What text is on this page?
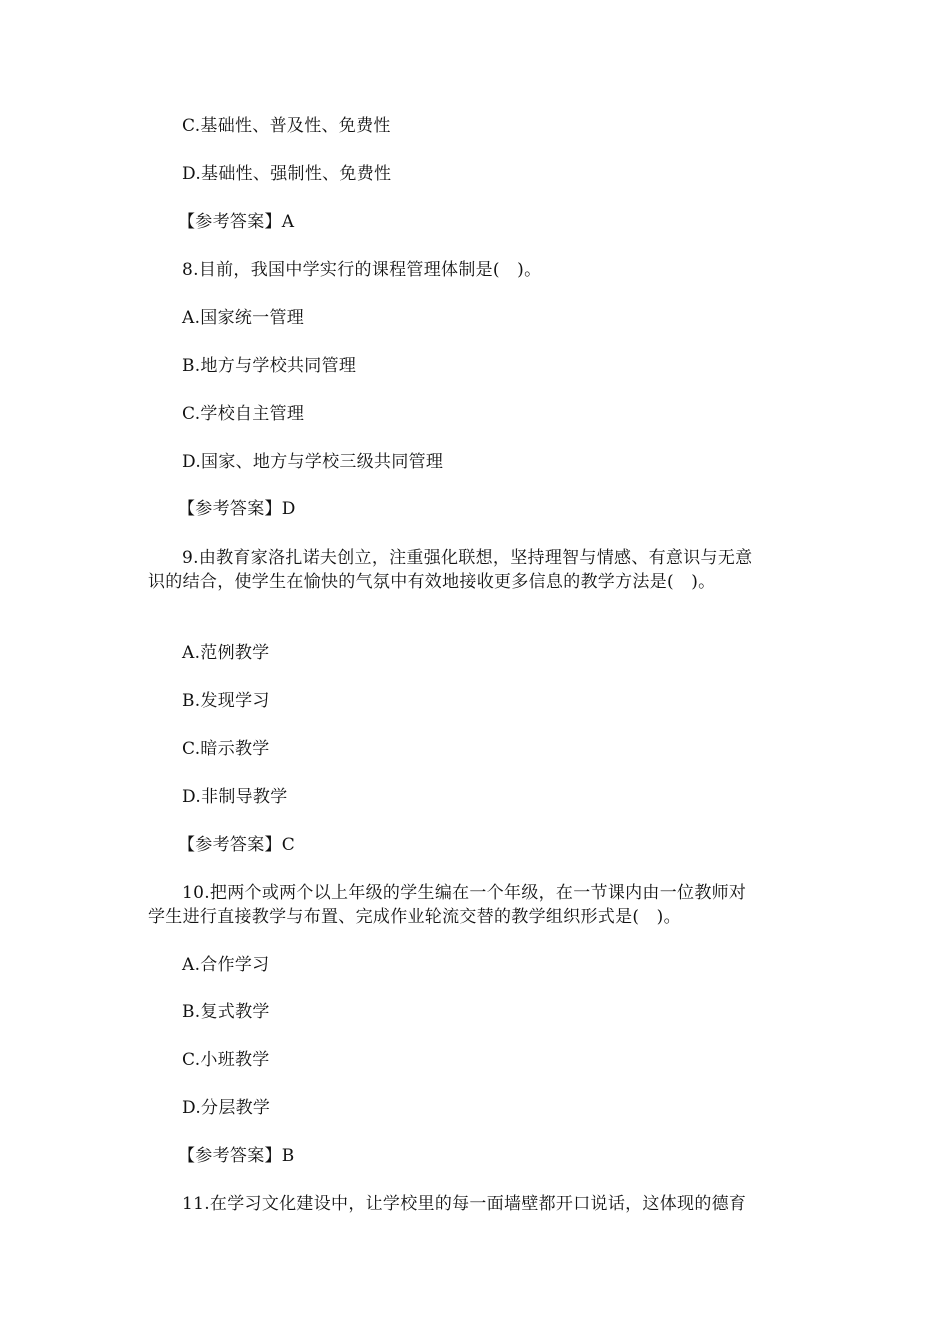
C.基础性、普及性、免费性
D.基础性、强制性、免费性
【参考答案】A
8.目前，我国中学实行的课程管理体制是(　)。
A.国家统一管理
B.地方与学校共同管理
C.学校自主管理
D.国家、地方与学校三级共同管理
【参考答案】D
9.由教育家洛扎诺夫创立，注重强化联想，坚持理智与情感、有意识与无意
识的结合，使学生在愉快的气氛中有效地接收更多信息的教学方法是(　)。
A.范例教学
B.发现学习
C.暗示教学
D.非制导教学
【参考答案】C
10.把两个或两个以上年级的学生编在一个年级，在一节课内由一位教师对
学生进行直接教学与布置、完成作业轮流交替的教学组织形式是(　)。
A.合作学习
B.复式教学
C.小班教学
D.分层教学
【参考答案】B
11.在学习文化建设中，让学校里的每一面墙壁都开口说话，这体现的德育
